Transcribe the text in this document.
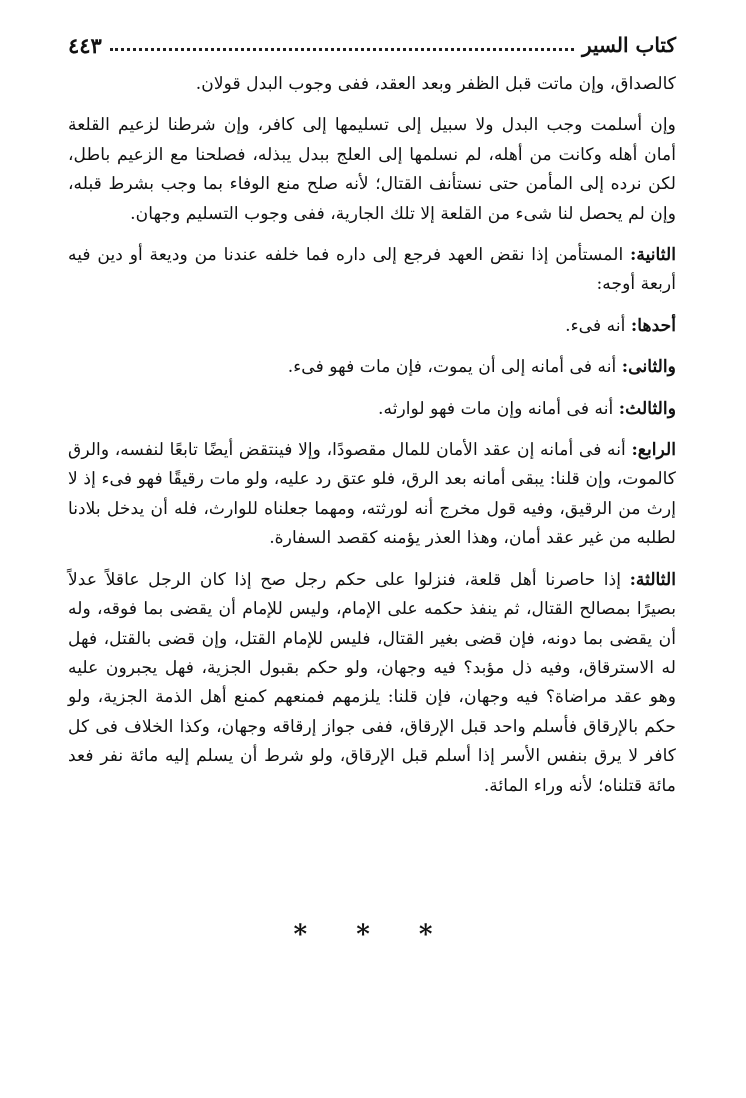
كتاب السير
٤٤٣

كالصداق، وإن ماتت قبل الظفر وبعد العقد، ففى وجوب البدل قولان.

وإن أسلمت وجب البدل ولا سبيل إلى تسليمها إلى كافر، وإن شرطنا لزعيم القلعة أمان أهله وكانت من أهله، لم نسلمها إلى العلج ببدل يبذله، فصلحنا مع الزعيم باطل، لكن نرده إلى المأمن حتى نستأنف القتال؛ لأنه صلح منع الوفاء بما وجب بشرط قبله، وإن لم يحصل لنا شىء من القلعة إلا تلك الجارية، ففى وجوب التسليم وجهان.

الثانية: المستأمن إذا نقض العهد فرجع إلى داره فما خلفه عندنا من وديعة أو دين فيه أربعة أوجه:

أحدها: أنه فىء.

والثانى: أنه فى أمانه إلى أن يموت، فإن مات فهو فىء.

والثالث: أنه فى أمانه وإن مات فهو لوارثه.

الرابع: أنه فى أمانه إن عقد الأمان للمال مقصودًا، وإلا فينتقض أيضًا تابعًا لنفسه، والرق كالموت، وإن قلنا: يبقى أمانه بعد الرق، فلو عتق رد عليه، ولو مات رقيقًا فهو فىء إذ لا إرث من الرقيق، وفيه قول مخرج أنه لورثته، ومهما جعلناه للوارث، فله أن يدخل بلادنا لطلبه من غير عقد أمان، وهذا العذر يؤمنه كقصد السفارة.

الثالثة: إذا حاصرنا أهل قلعة، فنزلوا على حكم رجل صح إذا كان الرجل عاقلاً عدلاً بصيرًا بمصالح القتال، ثم ينفذ حكمه على الإمام، وليس للإمام أن يقضى بما فوقه، وله أن يقضى بما دونه، فإن قضى بغير القتال، فليس للإمام القتل، وإن قضى بالقتل، فهل له الاسترقاق، وفيه ذل مؤبد؟ فيه وجهان، ولو حكم بقبول الجزية، فهل يجبرون عليه وهو عقد مراضاة؟ فيه وجهان، فإن قلنا: يلزمهم فمنعهم كمنع أهل الذمة الجزية، ولو حكم بالإرقاق فأسلم واحد قبل الإرقاق، ففى جواز إرقاقه وجهان، وكذا الخلاف فى كل كافر لا يرق بنفس الأسر إذا أسلم قبل الإرقاق، ولو شرط أن يسلم إليه مائة نفر فعد مائة قتلناه؛ لأنه وراء المائة.

* * *
